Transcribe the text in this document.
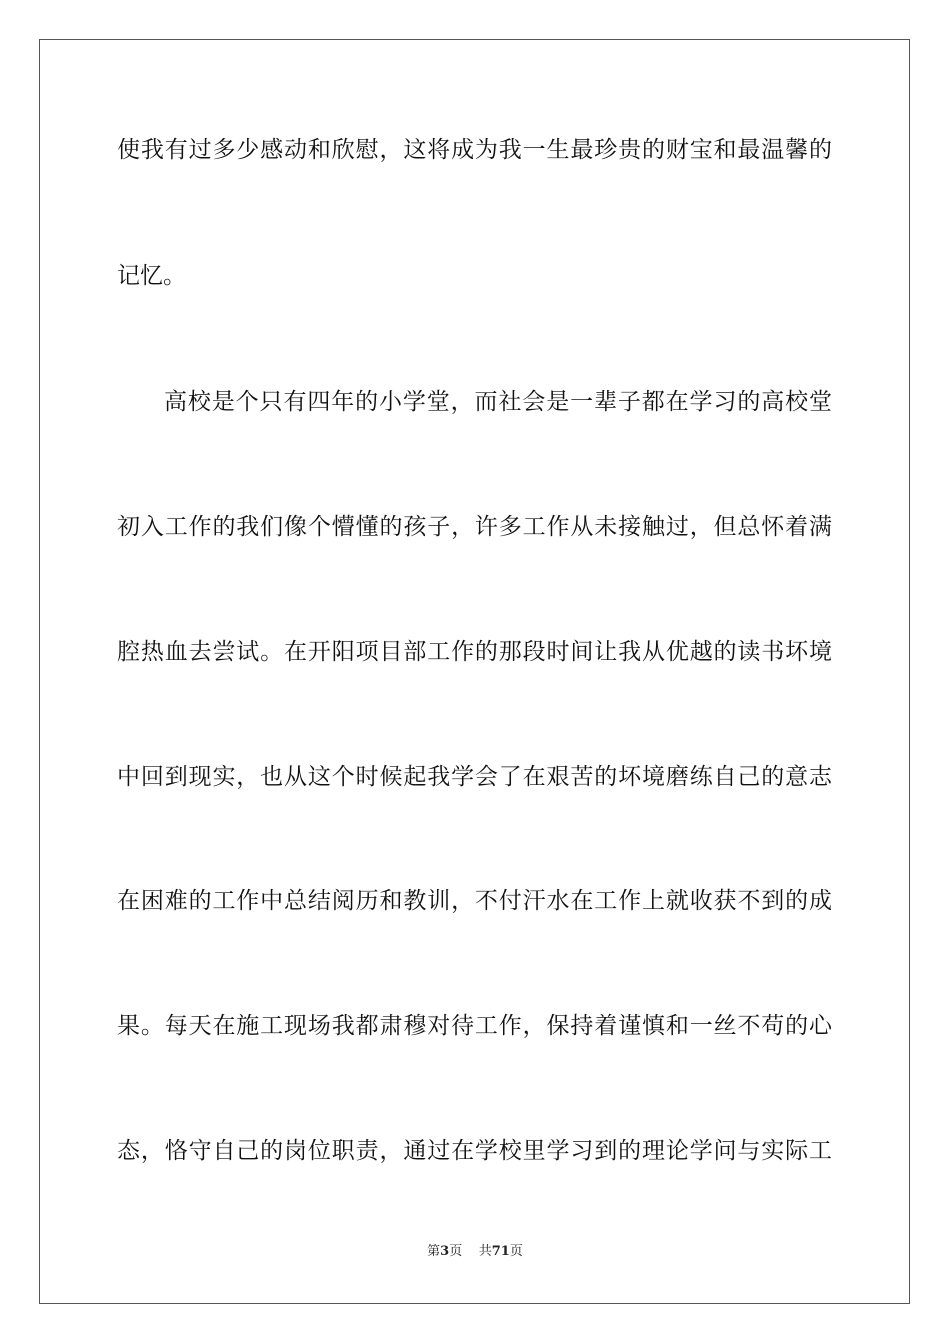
使我有过多少感动和欣慰，这将成为我一生最珍贵的财宝和最温馨的
记忆。
高校是个只有四年的小学堂，而社会是一辈子都在学习的高校堂
初入工作的我们像个懵懂的孩子，许多工作从未接触过，但总怀着满
腔热血去尝试。在开阳项目部工作的那段时间让我从优越的读书坏境
中回到现实，也从这个时候起我学会了在艰苦的坏境磨练自己的意志
在困难的工作中总结阅历和教训，不付汗水在工作上就收获不到的成
果。每天在施工现场我都肃穆对待工作，保持着谨慎和一丝不苟的心
态，恪守自己的岗位职责，通过在学校里学习到的理论学问与实际工
第3页 共71页
